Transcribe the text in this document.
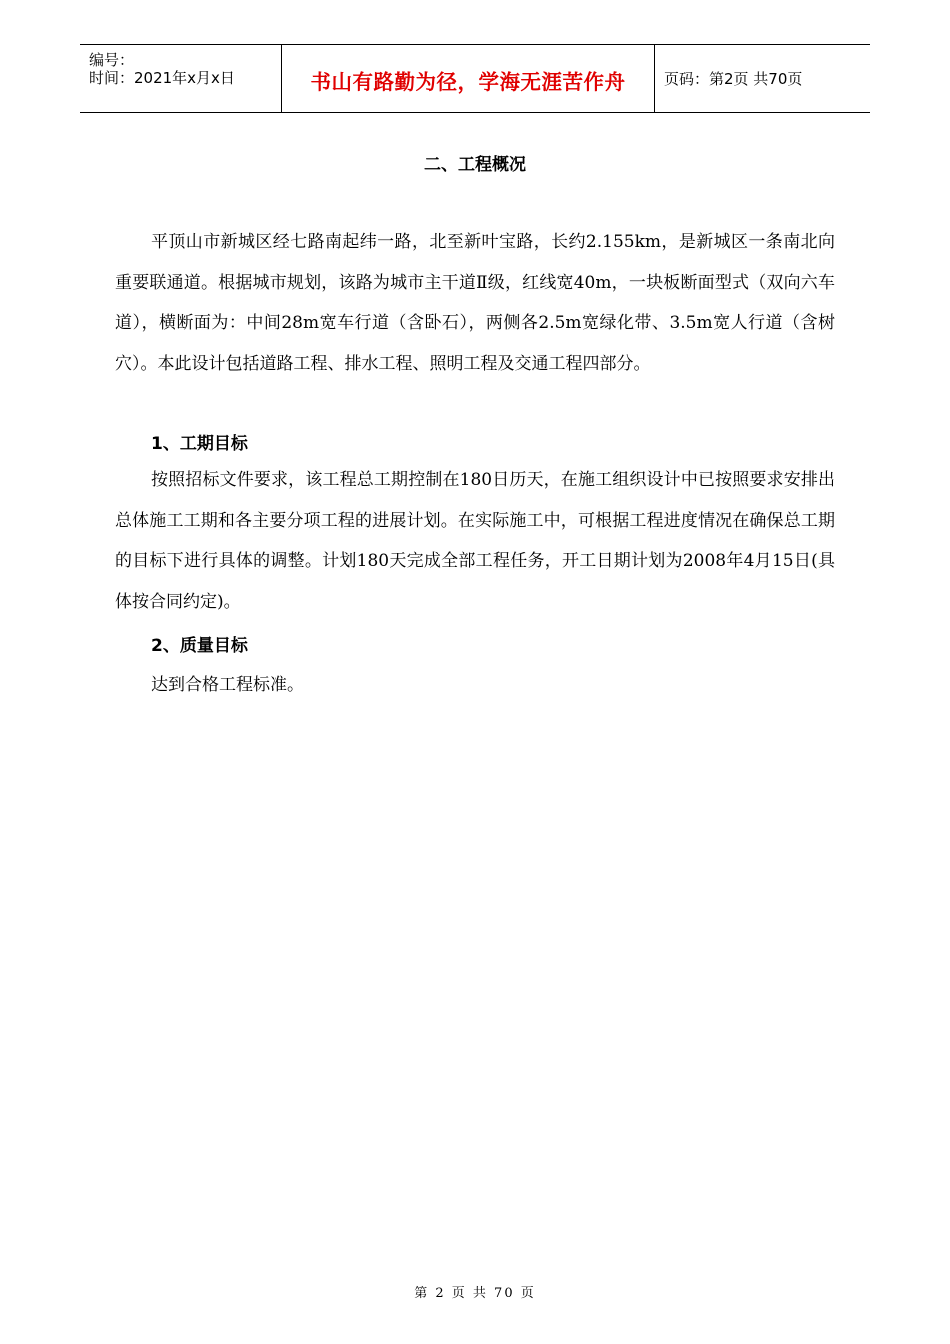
编号：
时间：2021年x月x日	书山有路勤为径，学海无涯苦作舟	页码：第2页 共70页
二、工程概况

平顶山市新城区经七路南起纬一路，北至新叶宝路，长约2.155km，是新城区一条南北向重要联通道。根据城市规划，该路为城市主干道Ⅱ级，红线宽40m，一块板断面型式（双向六车道），横断面为：中间28m宽车行道（含卧石），两侧各2.5m宽绿化带、3.5m宽人行道（含树穴）。本此设计包括道路工程、排水工程、照明工程及交通工程四部分。

1、工期目标

按照招标文件要求，该工程总工期控制在180日历天，在施工组织设计中已按照要求安排出总体施工工期和各主要分项工程的进展计划。在实际施工中，可根据工程进度情况在确保总工期的目标下进行具体的调整。计划180天完成全部工程任务，开工日期计划为2008年4月15日(具体按合同约定)。

2、质量目标
达到合格工程标准。
第 2 页 共 70 页
